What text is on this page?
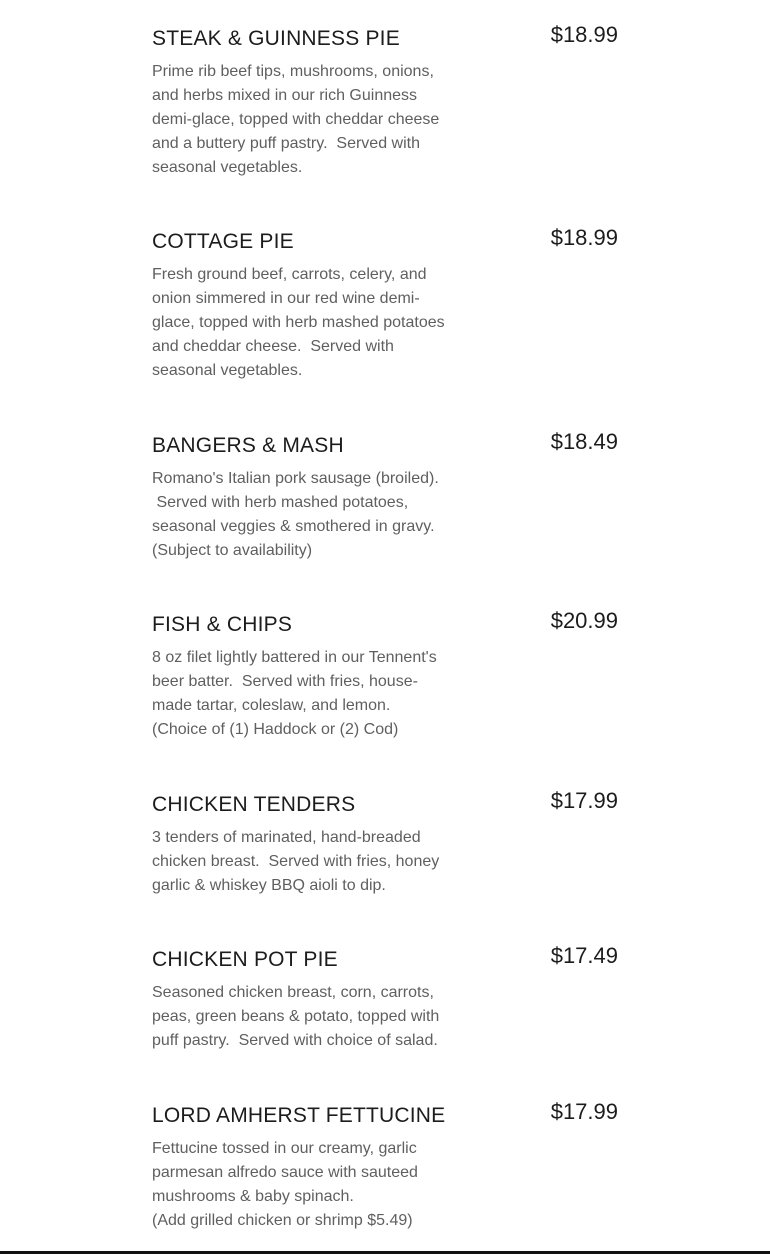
STEAK & GUINNESS PIE	$18.99
Prime rib beef tips, mushrooms, onions,
and herbs mixed in our rich Guinness
demi-glace, topped with cheddar cheese
and a buttery puff pastry.  Served with
seasonal vegetables.
COTTAGE PIE	$18.99
Fresh ground beef, carrots, celery, and
onion simmered in our red wine demi-
glace, topped with herb mashed potatoes
and cheddar cheese.  Served with
seasonal vegetables.
BANGERS & MASH	$18.49
Romano's Italian pork sausage (broiled).
Served with herb mashed potatoes,
seasonal veggies & smothered in gravy.
(Subject to availability)
FISH & CHIPS	$20.99
8 oz filet lightly battered in our Tennent's
beer batter.  Served with fries, house-
made tartar, coleslaw, and lemon.
(Choice of (1) Haddock or (2) Cod)
CHICKEN TENDERS	$17.99
3 tenders of marinated, hand-breaded
chicken breast.  Served with fries, honey
garlic & whiskey BBQ aioli to dip.
CHICKEN POT PIE	$17.49
Seasoned chicken breast, corn, carrots,
peas, green beans & potato, topped with
puff pastry.  Served with choice of salad.
LORD AMHERST FETTUCINE	$17.99
Fettucine tossed in our creamy, garlic
parmesan alfredo sauce with sauteed
mushrooms & baby spinach.
(Add grilled chicken or shrimp $5.49)
